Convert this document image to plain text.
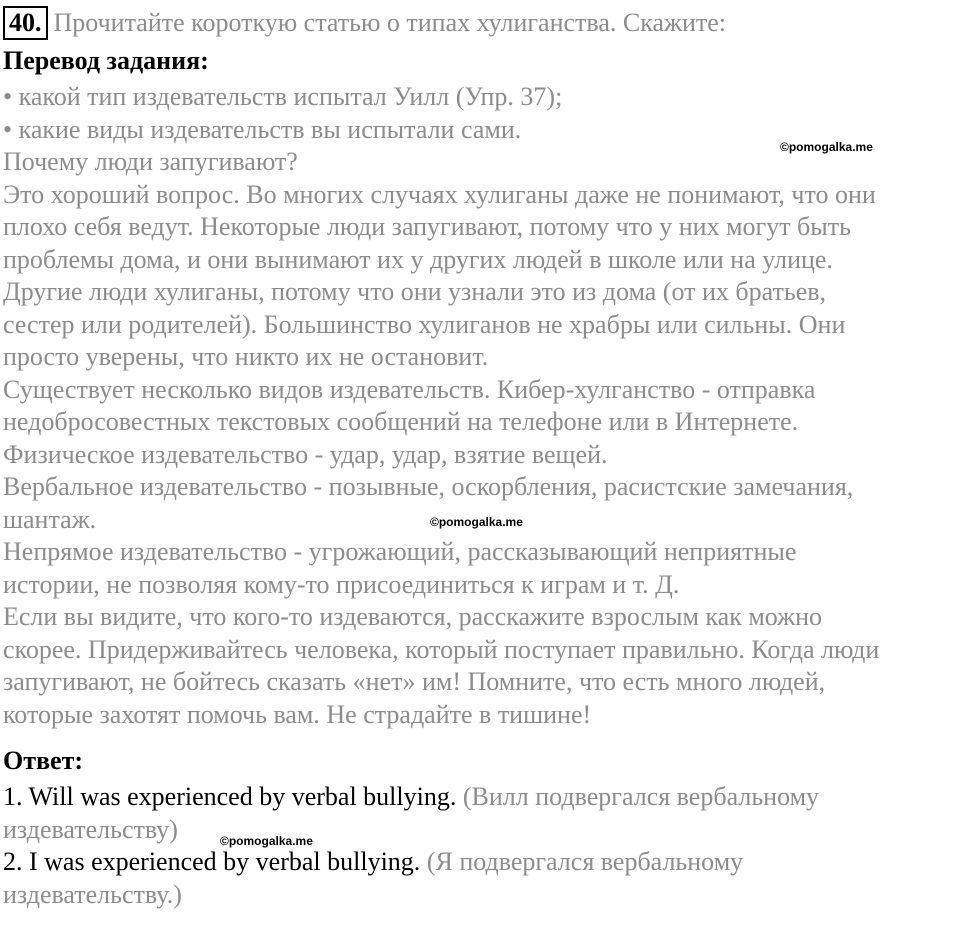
40. Прочитайте короткую статью о типах хулиганства. Скажите:
Перевод задания:
• какой тип издевательств испытал Уилл (Упр. 37);
• какие виды издевательств вы испытали сами.
Почему люди запугивают?
Это хороший вопрос. Во многих случаях хулиганы даже не понимают, что они
плохо себя ведут. Некоторые люди запугивают, потому что у них могут быть
проблемы дома, и они вынимают их у других людей в школе или на улице.
Другие люди хулиганы, потому что они узнали это из дома (от их братьев,
сестер или родителей). Большинство хулиганов не храбры или сильны. Они
просто уверены, что никто их не остановит.
Существует несколько видов издевательств. Кибер-хулганство - отправка
недобросовестных текстовых сообщений на телефоне или в Интернете.
Физическое издевательство - удар, удар, взятие вещей.
Вербальное издевательство - позывные, оскорбления, расистские замечания,
шантаж.
Непрямое издевательство - угрожающий, рассказывающий неприятные
истории, не позволяя кому-то присоединиться к играм и т. Д.
Если вы видите, что кого-то издеваются, расскажите взрослым как можно
скорее. Придерживайтесь человека, который поступает правильно. Когда люди
запугивают, не бойтесь сказать «нет» им! Помните, что есть много людей,
которые захотят помочь вам. Не страдайте в тишине!
Ответ:
1. Will was experienced by verbal bullying. (Вилл подвергался вербальному
издевательству)
2. I was experienced by verbal bullying. (Я подвергался вербальному
издевательству.)
©pomogalka.me
©pomogalka.me
©pomogalka.me
